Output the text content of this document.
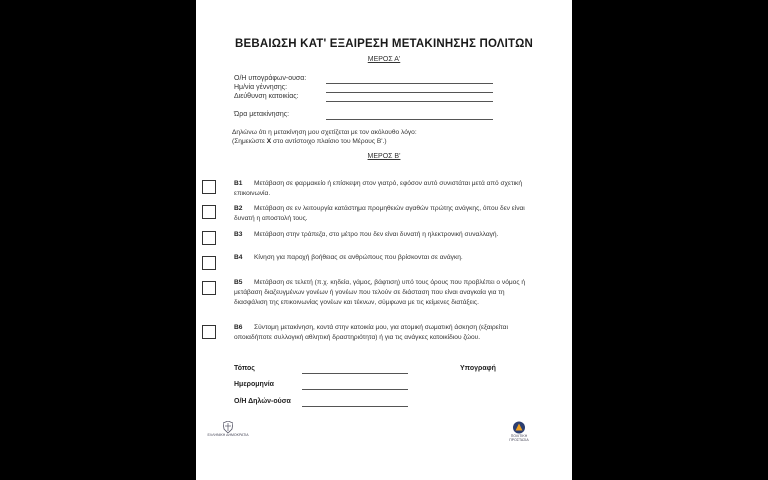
ΒΕΒΑΙΩΣΗ ΚΑΤ' ΕΞΑΙΡΕΣΗ ΜΕΤΑΚΙΝΗΣΗΣ ΠΟΛΙΤΩΝ
ΜΕΡΟΣ Α'
Ο/Η υπογράφων-ουσα:
Ημ/νία γέννησης:
Διεύθυνση κατοικίας:
Ώρα μετακίνησης:
Δηλώνω ότι η μετακίνηση μου σχετίζεται με τον ακόλουθο λόγο:
(Σημειώστε Χ στο αντίστοιχο πλαίσιο του Μέρους Β'.)
ΜΕΡΟΣ Β'
Β1 Μετάβαση σε φαρμακείο ή επίσκεψη στον γιατρό, εφόσον αυτό συνιστάται μετά από σχετική επικοινωνία.
Β2 Μετάβαση σε εν λειτουργία κατάστημα προμηθειών αγαθών πρώτης ανάγκης, όπου δεν είναι δυνατή η αποστολή τους.
Β3 Μετάβαση στην τράπεζα, στο μέτρο που δεν είναι δυνατή η ηλεκτρονική συναλλαγή.
Β4 Κίνηση για παροχή βοήθειας σε ανθρώπους που βρίσκονται σε ανάγκη.
Β5 Μετάβαση σε τελετή (π.χ. κηδεία, γάμος, βάφτιση) υπό τους όρους που προβλέπει ο νόμος ή μετάβαση διαζευγμένων γονέων ή γονέων που τελούν σε διάσταση που είναι αναγκαία για τη διασφάλιση της επικοινωνίας γονέων και τέκνων, σύμφωνα με τις κείμενες διατάξεις.
Β6 Σύντομη μετακίνηση, κοντά στην κατοικία μου, για ατομική σωματική άσκηση (εξαιρείται οποιαδήποτε συλλογική αθλητική δραστηριότητα) ή για τις ανάγκες κατοικίδιου ζώου.
Τόπος	Υπογραφή
Ημερομηνία
Ο/Η Δηλών-ούσα
ΕΛΛΗΝΙΚΗ ΔΗΜΟΚΡΑΤΙΑ	ΠΟΛΙΤΙΚΗ ΠΡΟΣΤΑΣΙΑ
